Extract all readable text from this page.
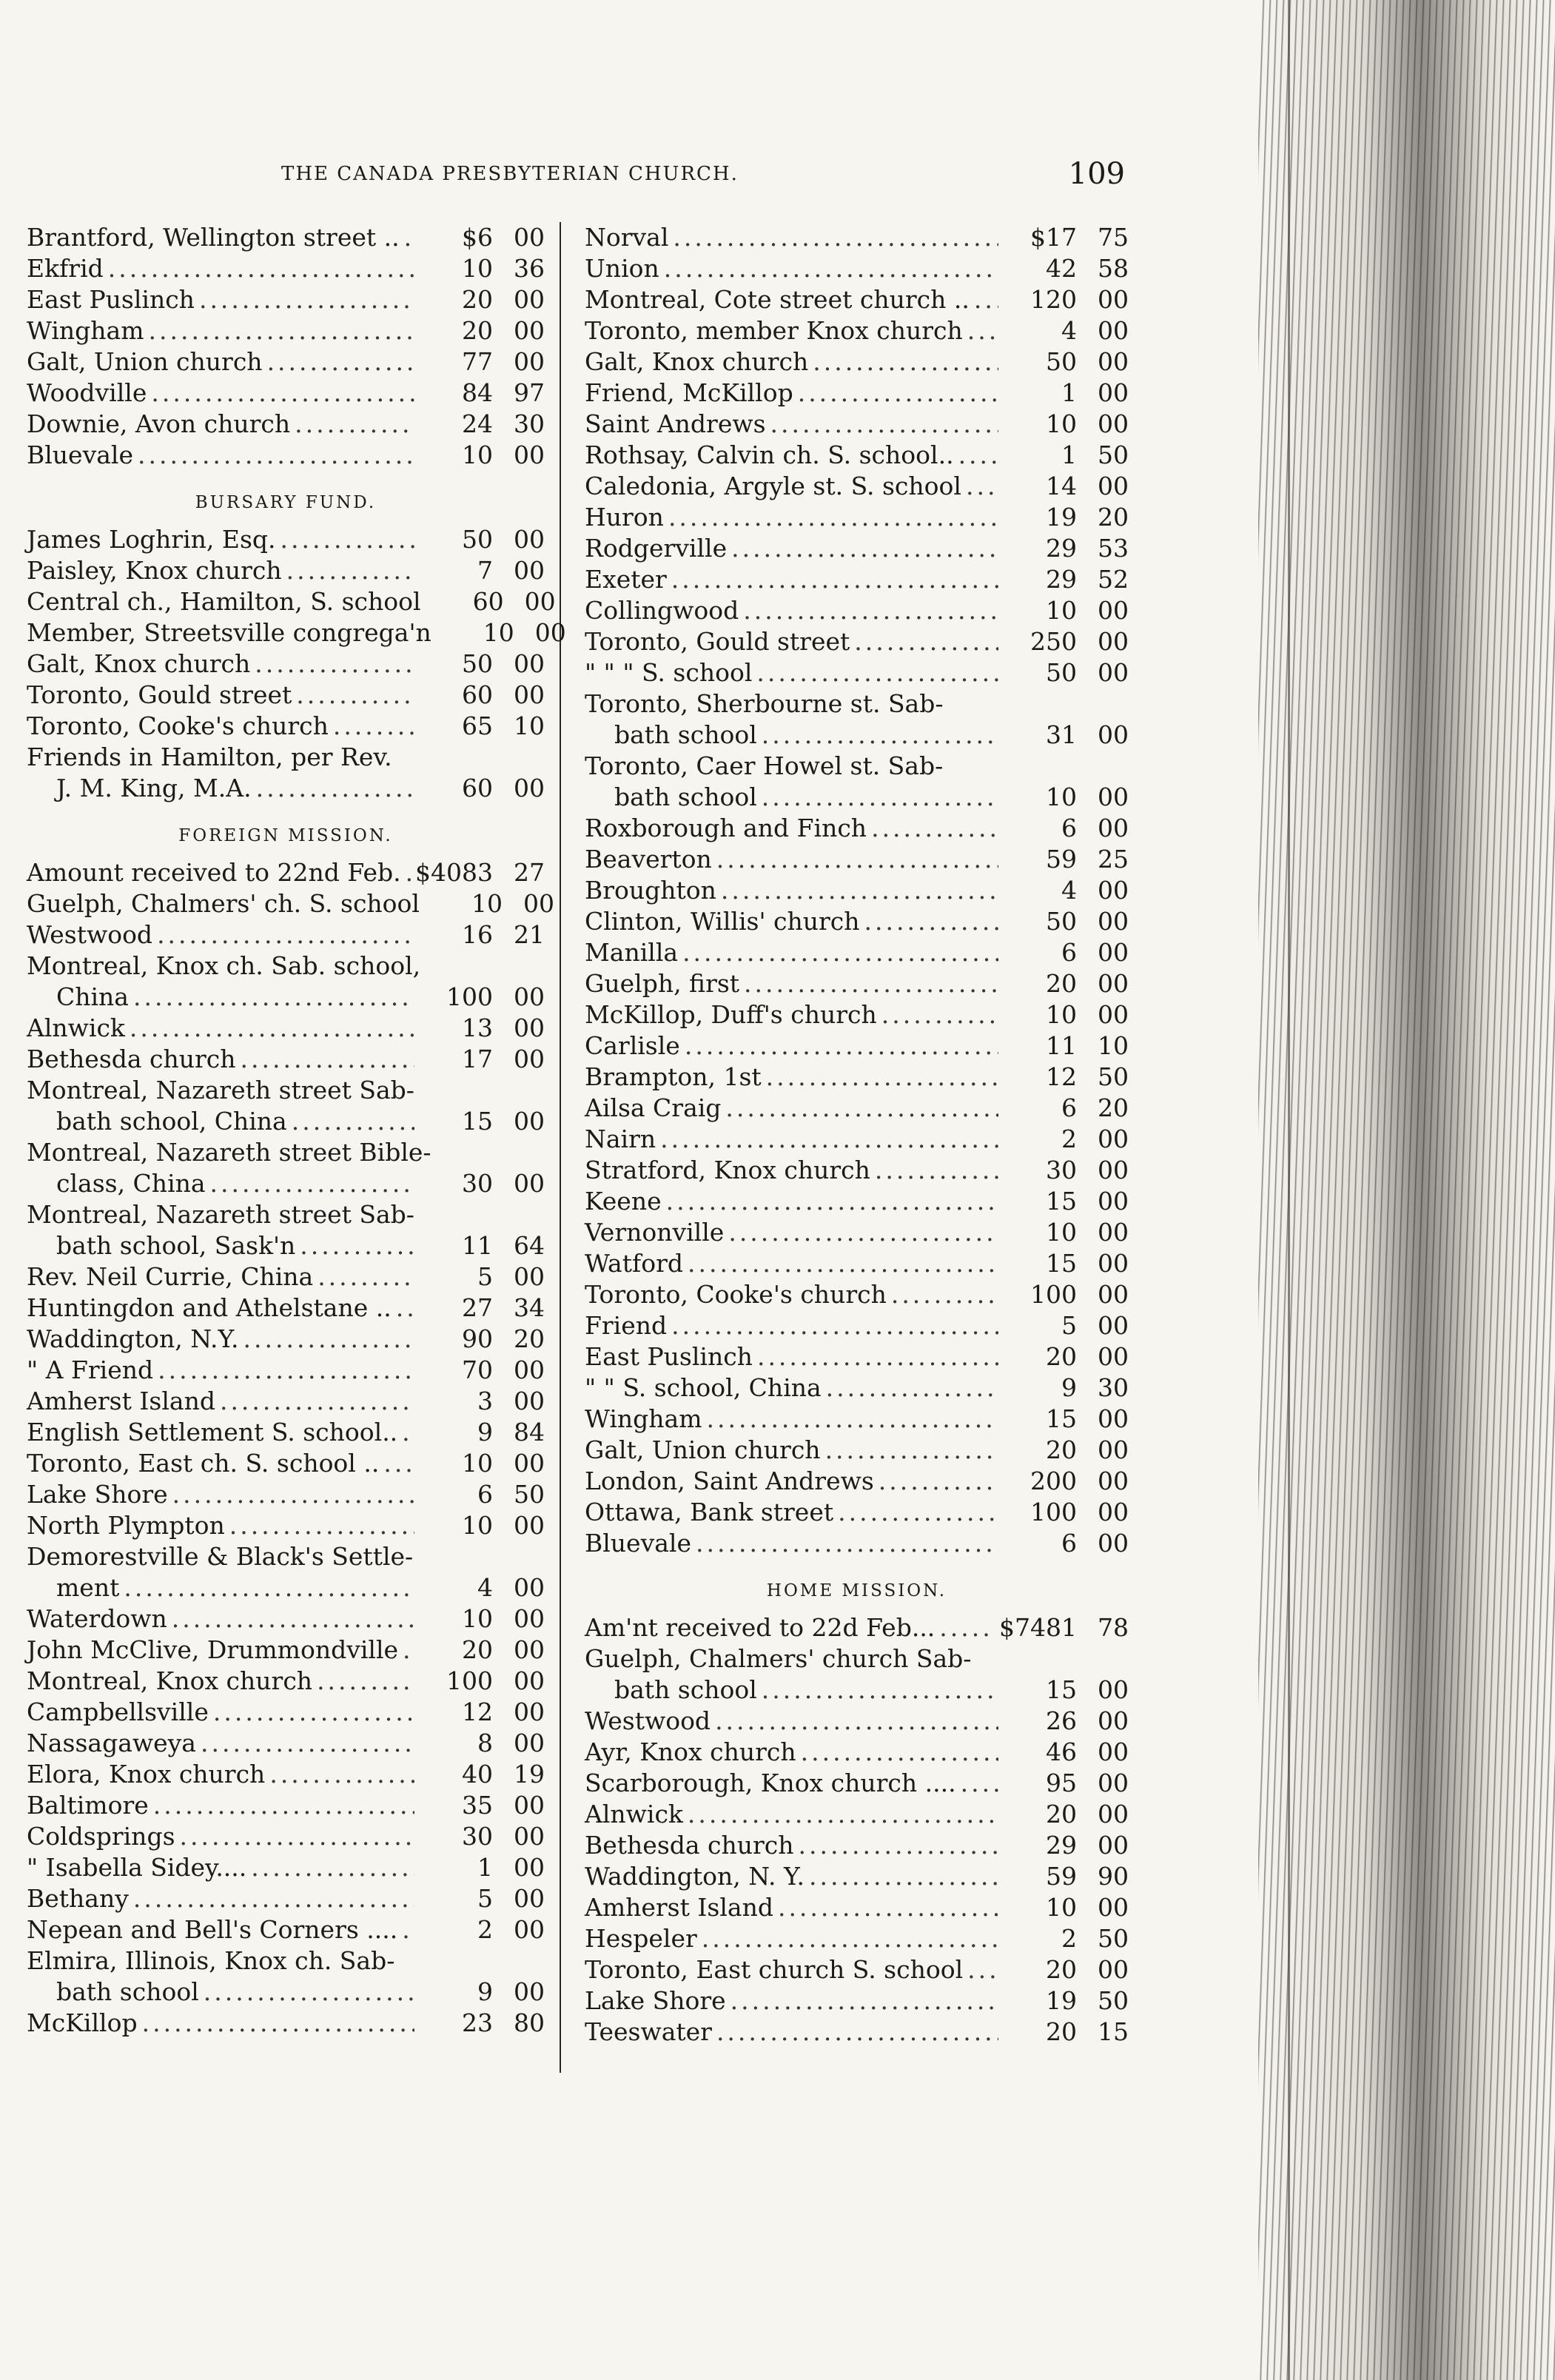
THE CANADA PRESBYTERIAN CHURCH.	109
Brantford, Wellington street .. .....	$6 00
Ekfrid .....	10 36
East Puslinch .....	20 00
Wingham .....	20 00
Galt, Union church .....	77 00
Woodville .....	84 97
Downie, Avon church .....	24 30
Bluevale .....	10 00
BURSARY FUND.
James Loghrin, Esq. .....	50 00
Paisley, Knox church .....	7 00
Central ch., Hamilton, S. school	60 00
Member, Streetsville congrega'n	10 00
Galt, Knox church .....	50 00
Toronto, Gould street .....	60 00
Toronto, Cooke's church .....	65 10
Friends in Hamilton, per Rev.
J. M. King, M.A. .....	60 00
FOREIGN MISSION.
Amount received to 22nd Feb. ..... $4083 27
Guelph, Chalmers' ch. S. school	10 00
Westwood .....	16 21
Montreal, Knox ch. Sab. school,
China .....	100 00
Alnwick .....	13 00
Bethesda church .....	17 00
Montreal, Nazareth street Sab-
bath school, China .....	15 00
Montreal, Nazareth street Bible-
class, China .....	30 00
Montreal, Nazareth street Sab-
bath school, Sask'n .....	11 64
Rev. Neil Currie, China .....	5 00
Huntingdon and Athelstane .. .....	27 34
Waddington, N.Y. .....	90 20
" A Friend .....	70 00
Amherst Island .....	3 00
English Settlement S. school.. .....	9 84
Toronto, East ch. S. school .. .....	10 00
Lake Shore .....	6 50
North Plympton .....	10 00
Demorestville & Black's Settle-
ment .....	4 00
Waterdown .....	10 00
John McClive, Drummondville .....	20 00
Montreal, Knox church .....	100 00
Campbellsville .....	12 00
Nassagaweya .....	8 00
Elora, Knox church .....	40 19
Baltimore .....	35 00
Coldsprings .....	30 00
" Isabella Sidey.... .....	1 00
Bethany .....	5 00
Nepean and Bell's Corners .... .....	2 00
Elmira, Illinois, Knox ch. Sab-
bath school .....	9 00
McKillop .....	23 80
Norval .....	$17 75
Union .....	42 58
Montreal, Cote street church .. .....	120 00
Toronto, member Knox church .....	4 00
Galt, Knox church .....	50 00
Friend, McKillop .....	1 00
Saint Andrews .....	10 00
Rothsay, Calvin ch. S. school.. .....	1 50
Caledonia, Argyle st. S. school .....	14 00
Huron .....	19 20
Rodgerville .....	29 53
Exeter .....	29 52
Collingwood .....	10 00
Toronto, Gould street .....	250 00
" " " S. school .....	50 00
Toronto, Sherbourne st. Sab-
bath school .....	31 00
Toronto, Caer Howel st. Sab-
bath school .....	10 00
Roxborough and Finch .....	6 00
Beaverton .....	59 25
Broughton .....	4 00
Clinton, Willis' church .....	50 00
Manilla .....	6 00
Guelph, first .....	20 00
McKillop, Duff's church .....	10 00
Carlisle .....	11 10
Brampton, 1st .....	12 50
Ailsa Craig .....	6 20
Nairn .....	2 00
Stratford, Knox church .....	30 00
Keene .....	15 00
Vernonville .....	10 00
Watford .....	15 00
Toronto, Cooke's church .....	100 00
Friend .....	5 00
East Puslinch .....	20 00
" " S. school, China .....	9 30
Wingham .....	15 00
Galt, Union church .....	20 00
London, Saint Andrews .....	200 00
Ottawa, Bank street .....	100 00
Bluevale .....	6 00
HOME MISSION.
Am'nt received to 22d Feb... .....	$7481 78
Guelph, Chalmers' church Sab-
bath school .....	15 00
Westwood .....	26 00
Ayr, Knox church .....	46 00
Scarborough, Knox church .... .....	95 00
Alnwick .....	20 00
Bethesda church .....	29 00
Waddington, N. Y. .....	59 90
Amherst Island .....	10 00
Hespeler .....	2 50
Toronto, East church S. school .....	20 00
Lake Shore .....	19 50
Teeswater .....	20 15
